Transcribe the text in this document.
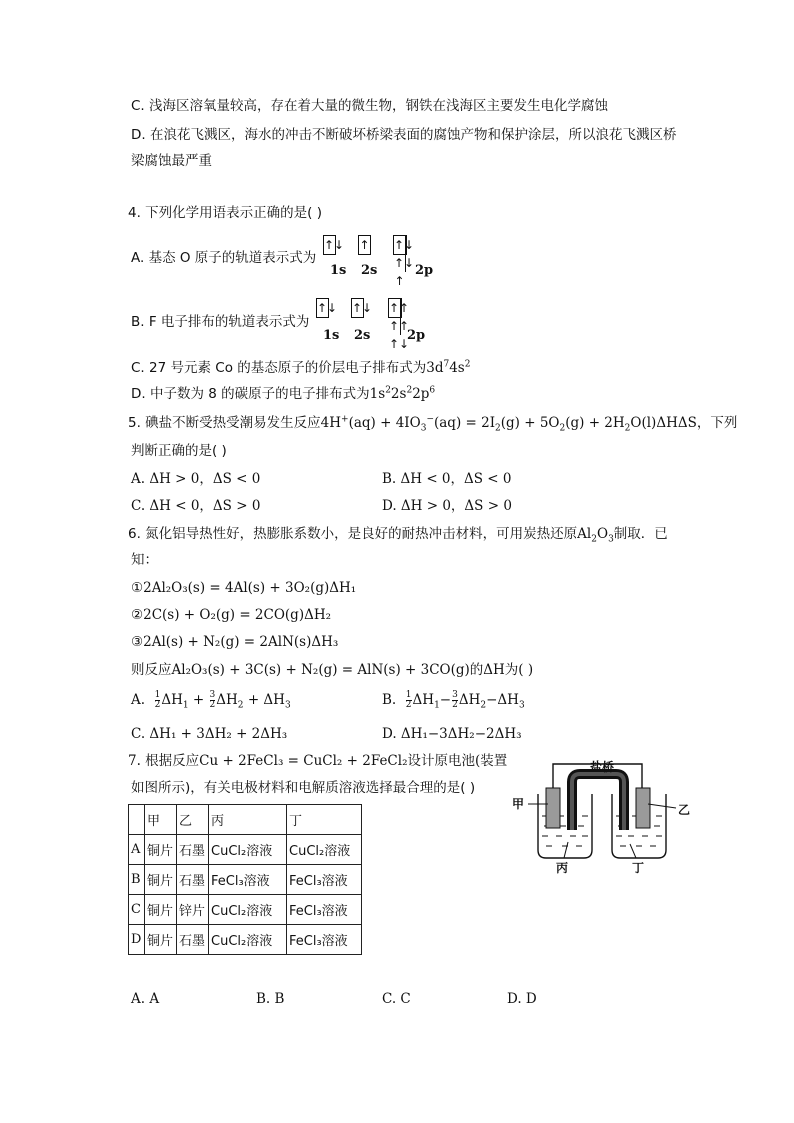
C. 浅海区溶氧量较高，存在着大量的微生物，钢铁在浅海区主要发生电化学腐蚀
D. 在浪花飞溅区，海水的冲击不断破坏桥梁表面的腐蚀产物和保护涂层，所以浪花飞溅区桥
梁腐蚀最严重
4. 下列化学用语表示正确的是( )
A. 基态 O 原子的轨道表示式为
↑↓ ↑ ↑↓↑↓↑
1s 2s	2p
B. F 电子排布的轨道表示式为
↑↓ ↑↓ ↑↑↑↑↑↓
1s 2s	2p
C. 27 号元素 Co 的基态原子的价层电子排布式为$3d^74s^2$
D. 中子数为 8 的碳原子的电子排布式为$1s^22s^22p^6$
5. 碘盐不断受热受潮易发生反应$4H^+(aq) + 4IO_3^-(aq) = 2I_2(g) + 5O_2(g) + 2H_2O(l)\Delta H\Delta S$，下列
判断正确的是( )
A. ΔH > 0，ΔS < 0	B. ΔH < 0，ΔS < 0
C. ΔH < 0，ΔS > 0	D. ΔH > 0，ΔS > 0
6. 氮化铝导热性好，热膨胀系数小，是良好的耐热冲击材料，可用炭热还原$Al_2O_3$制取．已
知：
①2Al₂O₃(s) = 4Al(s) + 3O₂(g)ΔH₁
②2C(s) + O₂(g) = 2CO(g)ΔH₂
③2Al(s) + N₂(g) = 2AlN(s)ΔH₃
则反应Al₂O₃(s) + 3C(s) + N₂(g) = AlN(s) + 3CO(g)的ΔH为( )
A. $\frac{1}{2} \Delta H_1 + \frac{3}{2} \Delta H_2 + \Delta H_3$	B. $\frac{1}{2} \Delta H_1- \frac{3}{2} \Delta H_2-\Delta H_3$
C. ΔH₁ + 3ΔH₂ + 2ΔH₃	D. ΔH₁−3ΔH₂−2ΔH₃
7. 根据反应Cu + 2FeCl₃ = CuCl₂ + 2FeCl₂设计原电池(装置
如图所示)，有关电极材料和电解质溶液选择最合理的是( )
	甲	乙	丙	丁
A	铜片	石墨	CuCl₂溶液	CuCl₂溶液
B	铜片	石墨	FeCl₃溶液	FeCl₃溶液
C	铜片	锌片	CuCl₂溶液	FeCl₃溶液
D	铜片	石墨	CuCl₂溶液	FeCl₃溶液
盐桥
甲	乙
丙	丁
A. A	B. B	C. C	D. D
